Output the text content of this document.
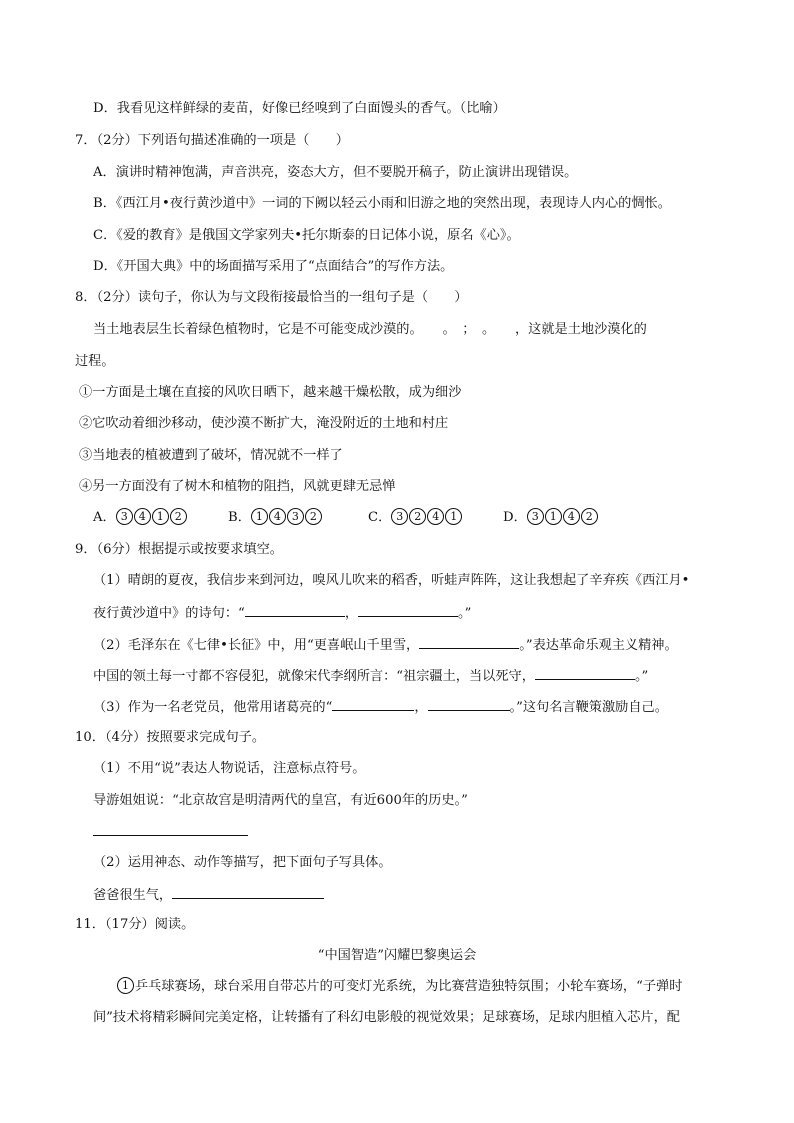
D．我看见这样鲜绿的麦苗，好像已经嗅到了白面馒头的香气。（比喻）
7．（2分）下列语句描述准确的一项是（　　）
A．演讲时精神饱满，声音洪亮，姿态大方，但不要脱开稿子，防止演讲出现错误。
B．《西江月•夜行黄沙道中》一词的下阙以轻云小雨和旧游之地的突然出现，表现诗人内心的惆怅。
C．《爱的教育》是俄国文学家列夫•托尔斯泰的日记体小说，原名《心》。
D．《开国大典》中的场面描写采用了“点面结合”的写作方法。
8．（2分）读句子，你认为与文段衔接最恰当的一组句子是（　　）
当土地表层生长着绿色植物时，它是不可能变成沙漠的。　　。　；　。　　，这就是土地沙漠化的
过程。
①一方面是土壤在直接的风吹日晒下，越来越干燥松散，成为细沙
②它吹动着细沙移动，使沙漠不断扩大，淹没附近的土地和村庄
③当地表的植被遭到了破坏，情况就不一样了
④另一方面没有了树木和植物的阻挡，风就更肆无忌惮
A． 3 4 1 2	B． 1 4 3 2	C． 3 2 4 1	D． 3 1 4 2
9．（6分）根据提示或按要求填空。
（1）晴朗的夏夜，我信步来到河边，嗅风儿吹来的稻香，听蛙声阵阵，这让我想起了辛弃疾《西江月•
夜行黄沙道中》的诗句：“	，	。”
（2）毛泽东在《七律•长征》中，用“更喜岷山千里雪，	。”表达革命乐观主义精神。
中国的领土每一寸都不容侵犯，就像宋代李纲所言：“祖宗疆土，当以死守，	。”
（3）作为一名老党员，他常用诸葛亮的“	，	。”这句名言鞭策激励自己。
10．（4分）按照要求完成句子。
（1）不用“说”表达人物说话，注意标点符号。
导游姐姐说：“北京故宫是明清两代的皇宫，有近600年的历史。”
（2）运用神态、动作等描写，把下面句子写具体。
爸爸很生气，
11．（17分）阅读。
“中国智造”闪耀巴黎奥运会
1 乒乓球赛场，球台采用自带芯片的可变灯光系统，为比赛营造独特氛围；小轮车赛场，“子弹时
间”技术将精彩瞬间完美定格，让转播有了科幻电影般的视觉效果；足球赛场，足球内胆植入芯片，配
